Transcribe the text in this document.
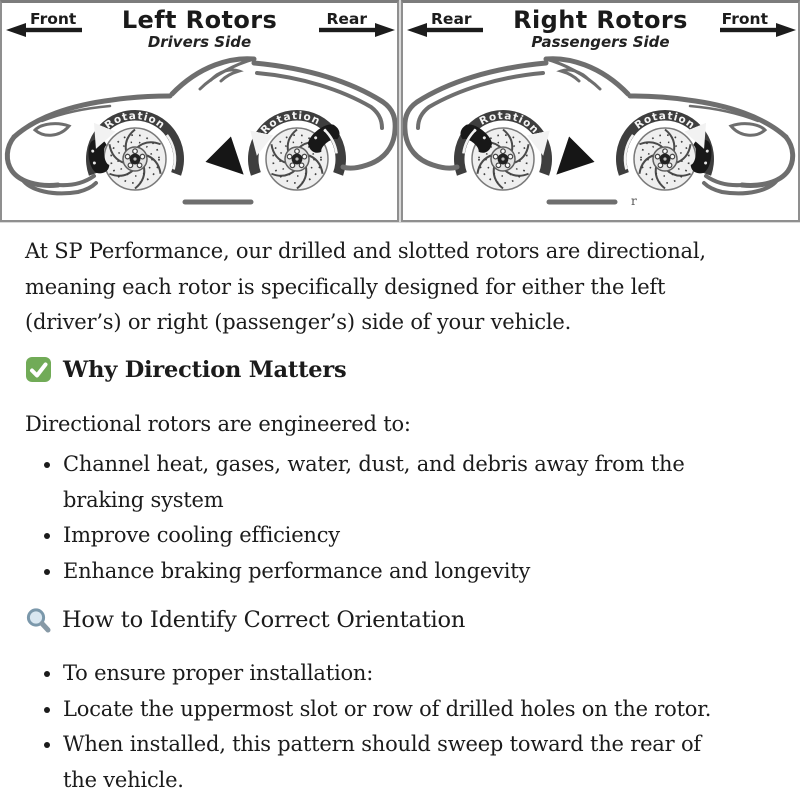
Rotation	Rotation
Front	Left Rotors
Drivers Side
Rear
Rotation
Rotation
Rear	Right Rotors
Passengers Side
Front
r

At SP Performance, our drilled and slotted rotors are directional, meaning each rotor is specifically designed for either the left (driver’s) or right (passenger’s) side of your vehicle.

Why Direction Matters

Directional rotors are engineered to:

• Channel heat, gases, water, dust, and debris away from the braking system
• Improve cooling efficiency
• Enhance braking performance and longevity
How to Identify Correct Orientation
• To ensure proper installation:
• Locate the uppermost slot or row of drilled holes on the rotor.
• When installed, this pattern should sweep toward the rear of the vehicle.
